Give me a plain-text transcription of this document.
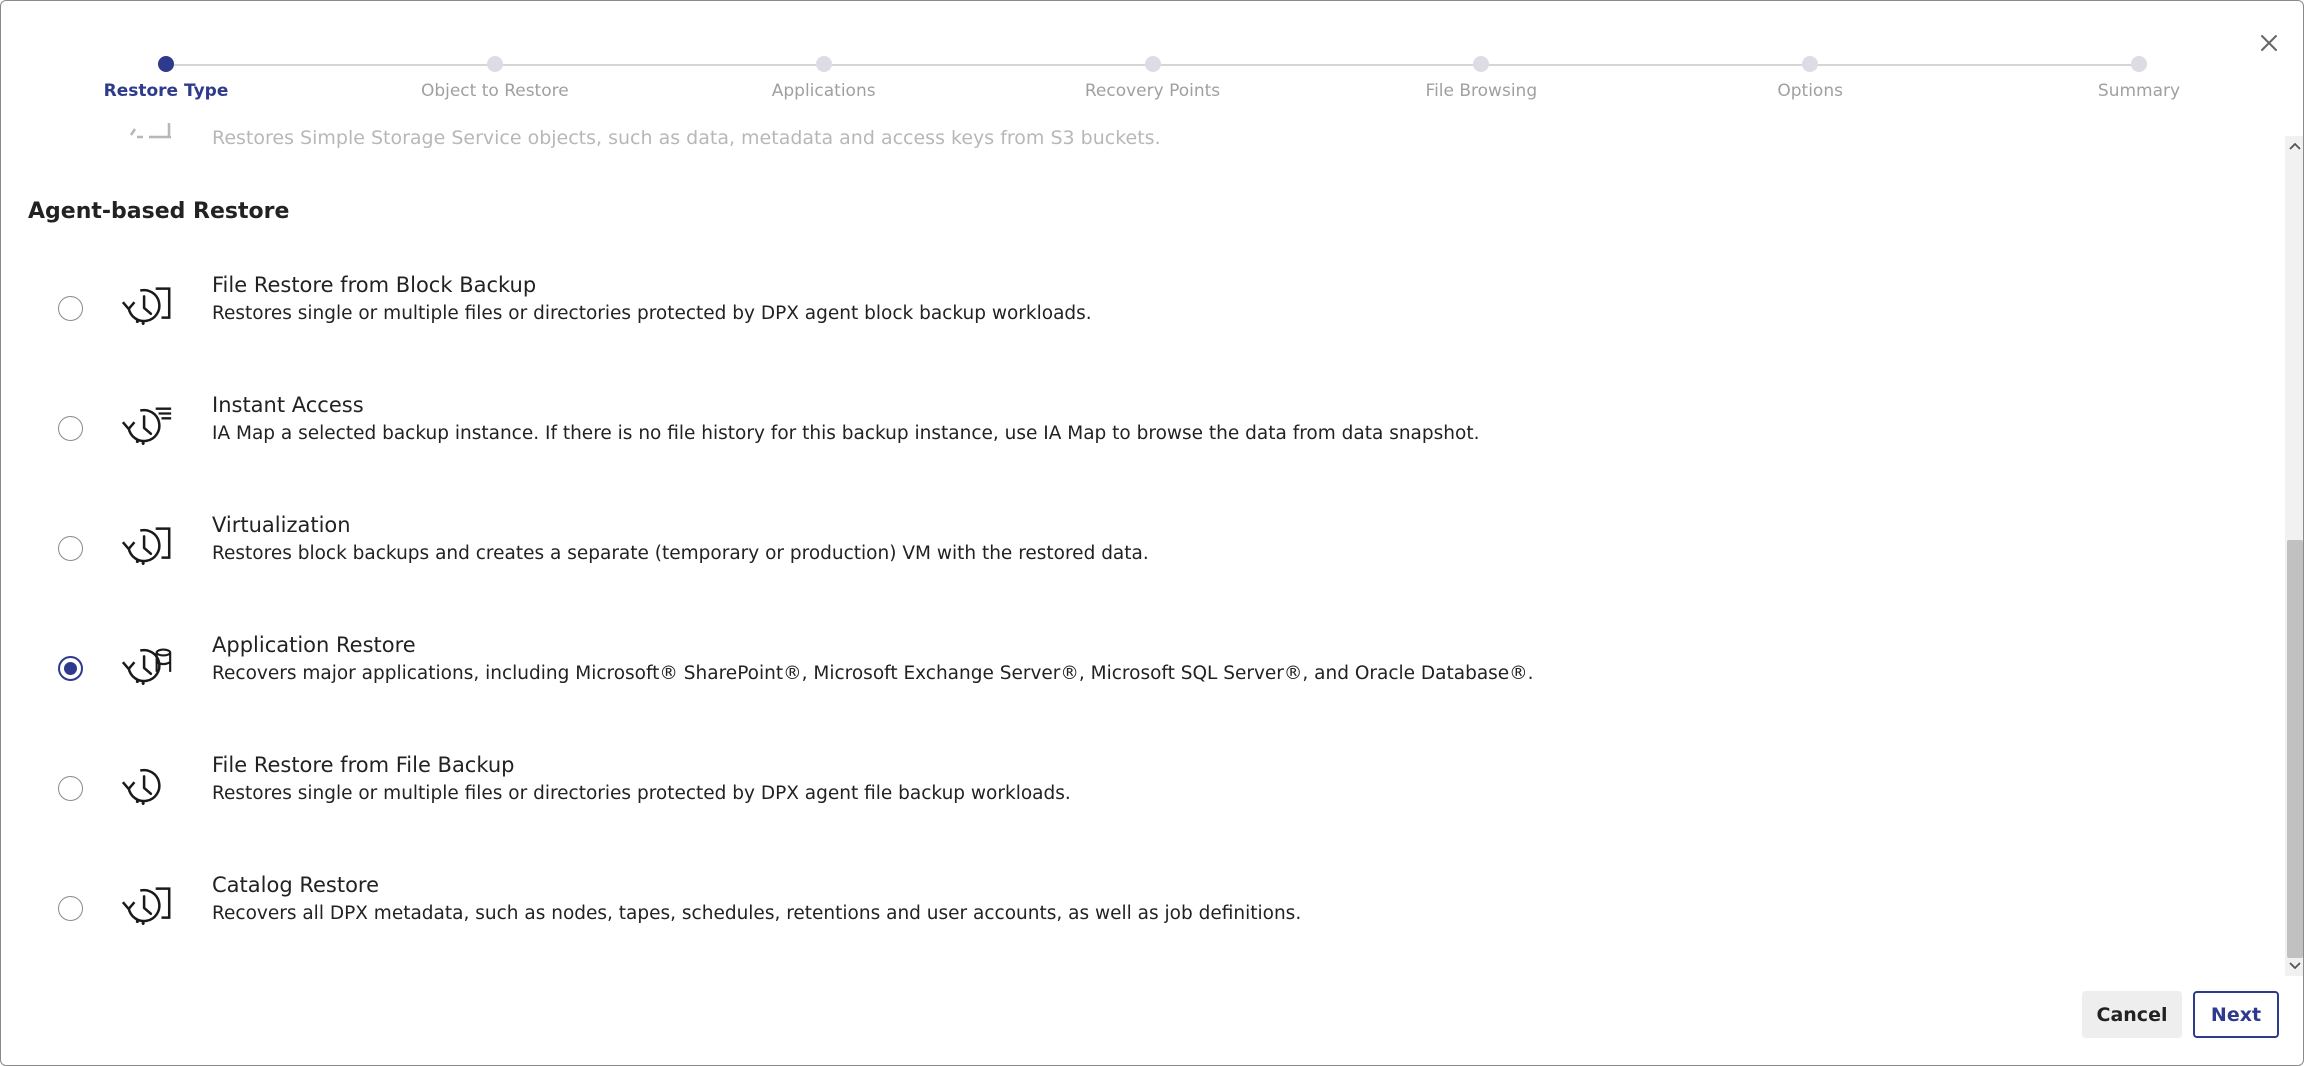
Restore Type	Object to Restore	Applications	Recovery Points	File Browsing	Options	Summary
Restores Simple Storage Service objects, such as data, metadata and access keys from S3 buckets.
Agent-based Restore
File Restore from Block Backup
Restores single or multiple files or directories protected by DPX agent block backup workloads.
Instant Access
IA Map a selected backup instance. If there is no file history for this backup instance, use IA Map to browse the data from data snapshot.
Virtualization
Restores block backups and creates a separate (temporary or production) VM with the restored data.
Application Restore
Recovers major applications, including Microsoft® SharePoint®, Microsoft Exchange Server®, Microsoft SQL Server®, and Oracle Database®.
File Restore from File Backup
Restores single or multiple files or directories protected by DPX agent file backup workloads.
Catalog Restore
Recovers all DPX metadata, such as nodes, tapes, schedules, retentions and user accounts, as well as job definitions.
Cancel	Next
